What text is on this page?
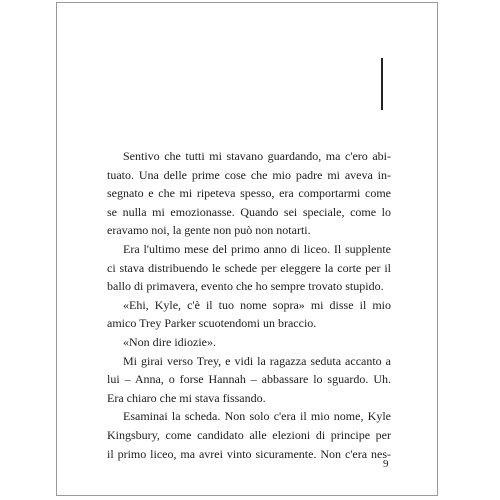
Sentivo che tutti mi stavano guardando, ma c'ero abi-
tuato. Una delle prime cose che mio padre mi aveva in-
segnato e che mi ripeteva spesso, era comportarmi come
se nulla mi emozionasse. Quando sei speciale, come lo
eravamo noi, la gente non può non notarti.
Era l'ultimo mese del primo anno di liceo. Il supplente
ci stava distribuendo le schede per eleggere la corte per il
ballo di primavera, evento che ho sempre trovato stupido.
«Ehi, Kyle, c'è il tuo nome sopra» mi disse il mio
amico Trey Parker scuotendomi un braccio.
«Non dire idiozie».
Mi girai verso Trey, e vidi la ragazza seduta accanto a
lui – Anna, o forse Hannah – abbassare lo sguardo. Uh.
Era chiaro che mi stava fissando.
Esaminai la scheda. Non solo c'era il mio nome, Kyle
Kingsbury, come candidato alle elezioni di principe per
il primo liceo, ma avrei vinto sicuramente. Non c'era nes-
9
